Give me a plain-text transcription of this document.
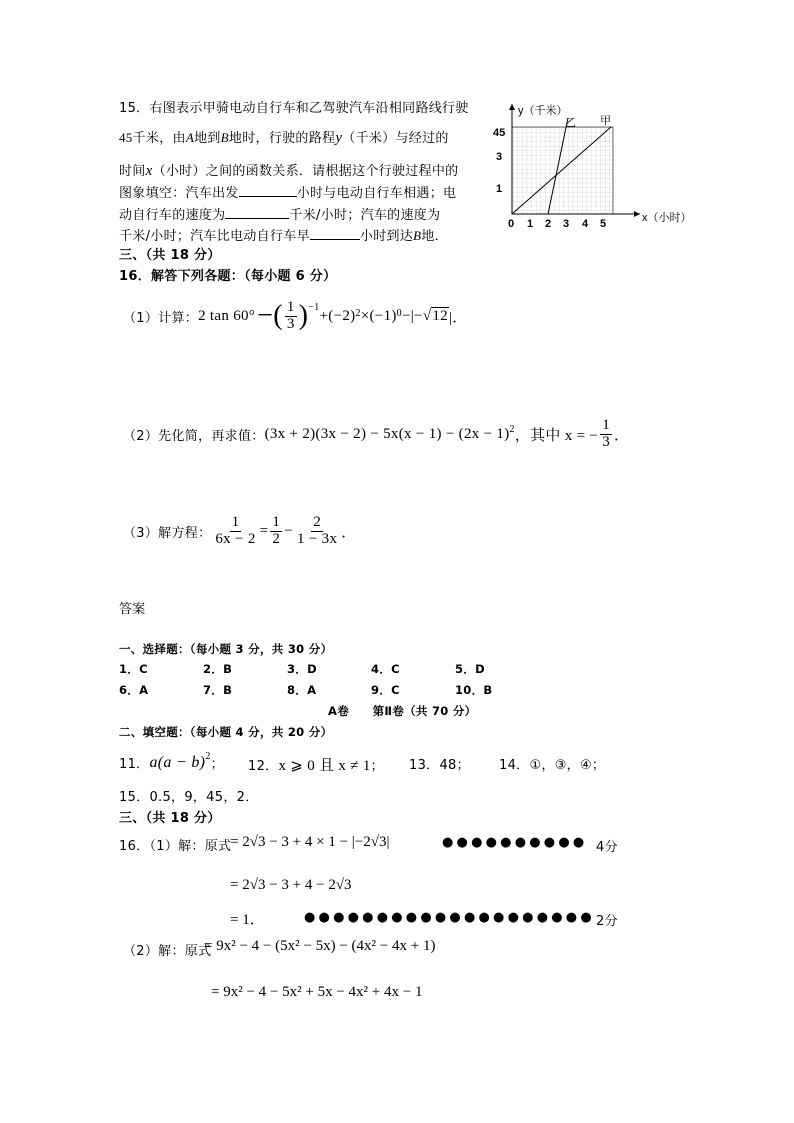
15．右图表示甲骑电动自行车和乙驾驶汽车沿相同路线行驶
45千米，由A地到B地时，行驶的路程y（千米）与经过的
时间x（小时）之间的函数关系．请根据这个行驶过程中的
图象填空：汽车出发	小时与电动自行车相遇；电
动自行车的速度为	千米/小时；汽车的速度为
千米/小时；汽车比电动自行车早	小时到达B地．
y（千米）
x（小时）
乙 甲
45
3
1
0 1 2 3 4 5
三、（共 18 分）
16．解答下列各题：（每小题 6 分）
（1）计算： 2 tan 60° −( $\frac{1}{3} )^{-1}$
$+(-2)^2 \times(-1)^0$ −|− √ 12 |．
（2）先化简，再求值： $(3x + 2)(3x - 2) - 5x(x - 1) - (2x - 1)^2$ ，其中 x = − $\frac{1}{3}$ ．
（3）解方程： $\frac{1}{6x - 2} = \frac{1}{2} - \frac{2}{1 - 3x}$ ．
答案
一、选择题：（每小题 3 分，共 30 分）
1．C	2．B	3．D	4．C	5．D
6．A	7．B	8．A	9．C	10．B
A卷　　第Ⅱ卷（共 70 分）
二、填空题：（每小题 4 分，共 20 分）
11． $a(a - b)^2$
； 12．x ⩾ 0 且 x ≠ 1； 13．48； 14．①，③，④；
15．0.5，9，45，2．
三、（共 18 分）
16．（1）解：原式
= 2√3 − 3 + 4 × 1 − |−2√3|	●●●●●●●●●● 4分
= 2√3 − 3 + 4 − 2√3
= 1．	●●●●●●●●●●●●●●●●●●●● 2分
（2）解：原式
= 9x² − 4 − (5x² − 5x) − (4x² − 4x + 1)
= 9x² − 4 − 5x² + 5x − 4x² + 4x − 1
